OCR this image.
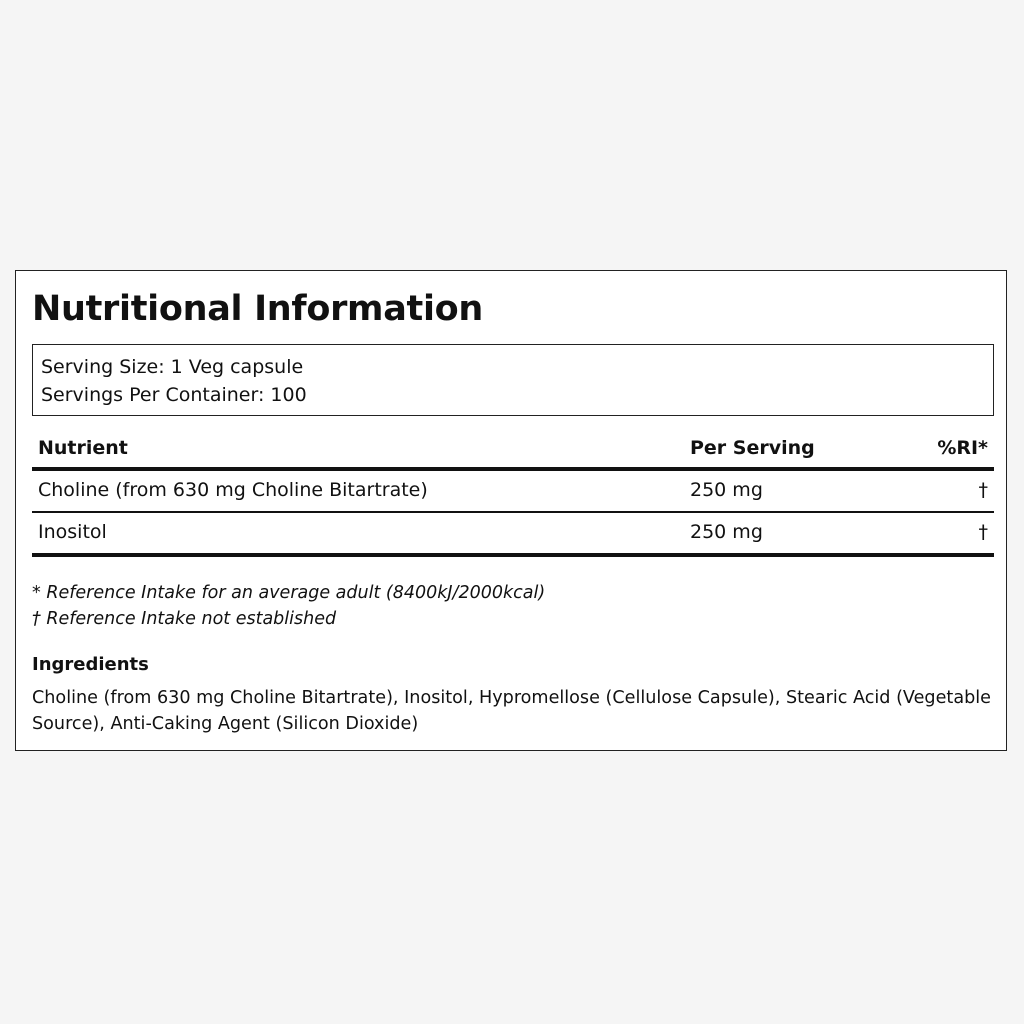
Nutritional Information
Serving Size: 1 Veg capsule
Servings Per Container: 100
Nutrient	Per Serving	%RI*
Choline (from 630 mg Choline Bitartrate)	250 mg	†
Inositol	250 mg	†
* Reference Intake for an average adult (8400kJ/2000kcal)
† Reference Intake not established
Ingredients

Choline (from 630 mg Choline Bitartrate), Inositol, Hypromellose (Cellulose Capsule), Stearic Acid (Vegetable Source), Anti-Caking Agent (Silicon Dioxide)
